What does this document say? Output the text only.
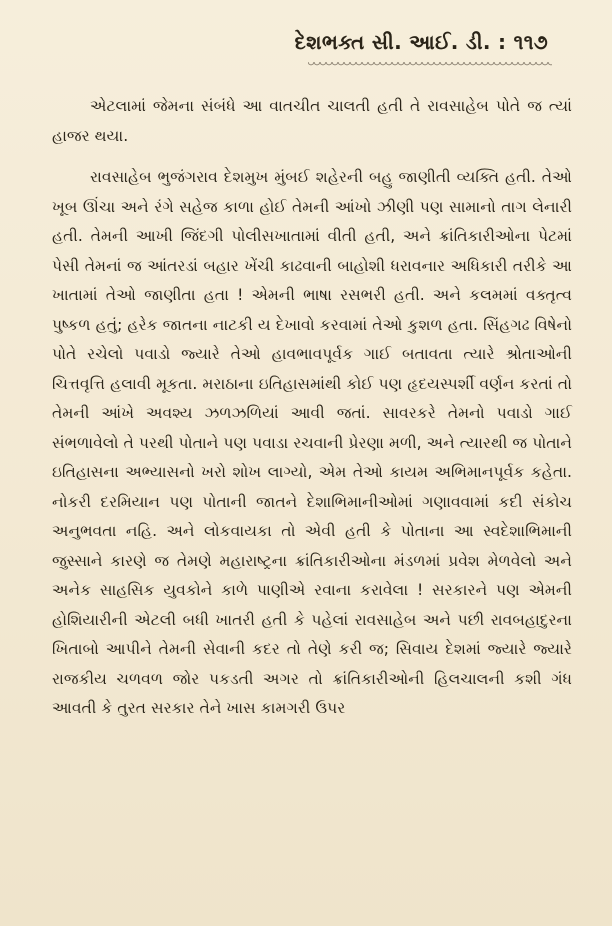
દેશભક્ત સી. આઈ. ડી. : ૧૧૭

એટલામાં જેમના સંબંધે આ વાતચીત ચાલતી હતી તે રાવસાહેબ પોતે જ ત્યાં હાજર થયા.

રાવસાહેબ ભુજંગરાવ દેશમુખ મુંબઈ શહેરની બહુ જાણીતી વ્યક્તિ હતી. તેઓ ખૂબ ઊંચા અને રંગે સહેજ કાળા હોઈ તેમની આંખો ઝીણી પણ સામાનો તાગ લેનારી હતી. તેમની આખી જિંદગી પોલીસખાતામાં વીતી હતી, અને ક્રાંતિકારીઓના પેટમાં પેસી તેમનાં જ આંતરડાં બહાર ખેંચી કાઢવાની બાહોશી ધરાવનાર અધિકારી તરીકે આ ખાતામાં તેઓ જાણીતા હતા ! એમની ભાષા રસભરી હતી. અને કલમમાં વક્તૃત્વ પુષ્કળ હતું; હરેક જાતના નાટકી ય દેખાવો કરવામાં તેઓ કુશળ હતા. સિંહગઢ વિષેનો પોતે રચેલો પવાડો જ્યારે તેઓ હાવભાવપૂર્વક ગાઈ બતાવતા ત્યારે શ્રોતાઓની ચિત્તવૃત્તિ હલાવી મૂકતા. મરાઠાના ઇતિહાસમાંથી કોઈ પણ હૃદયસ્પર્શી વર્ણન કરતાં તો તેમની આંખે અવશ્ય ઝળઝળિયાં આવી જતાં. સાવરકરે તેમનો પવાડો ગાઈ સંભળાવેલો તે પરથી પોતાને પણ પવાડા રચવાની પ્રેરણા મળી, અને ત્યારથી જ પોતાને ઇતિહાસના અભ્યાસનો ખરો શોખ લાગ્યો, એમ તેઓ કાયમ અભિમાનપૂર્વક કહેતા. નોકરી દરમિયાન પણ પોતાની જાતને દેશાભિમાનીઓમાં ગણાવવામાં કદી સંકોચ અનુભવતા નહિ. અને લોકવાયકા તો એવી હતી કે પોતાના આ સ્વદેશાભિમાની જુસ્સાને કારણે જ તેમણે મહારાષ્ટ્રના ક્રાંતિકારીઓના મંડળમાં પ્રવેશ મેળવેલો અને અનેક સાહસિક યુવકોને કાળે પાણીએ રવાના કરાવેલા ! સરકારને પણ એમની હોશિયારીની એટલી બધી ખાતરી હતી કે પહેલાં રાવસાહેબ અને પછી રાવબહાદુરના ખિતાબો આપીને તેમની સેવાની કદર તો તેણે કરી જ; સિવાય દેશમાં જ્યારે જ્યારે રાજકીય ચળવળ જોર પકડતી અગર તો ક્રાંતિકારીઓની હિલચાલની કશી ગંધ આવતી કે તુરત સરકાર તેને ખાસ કામગરી ઉપર
